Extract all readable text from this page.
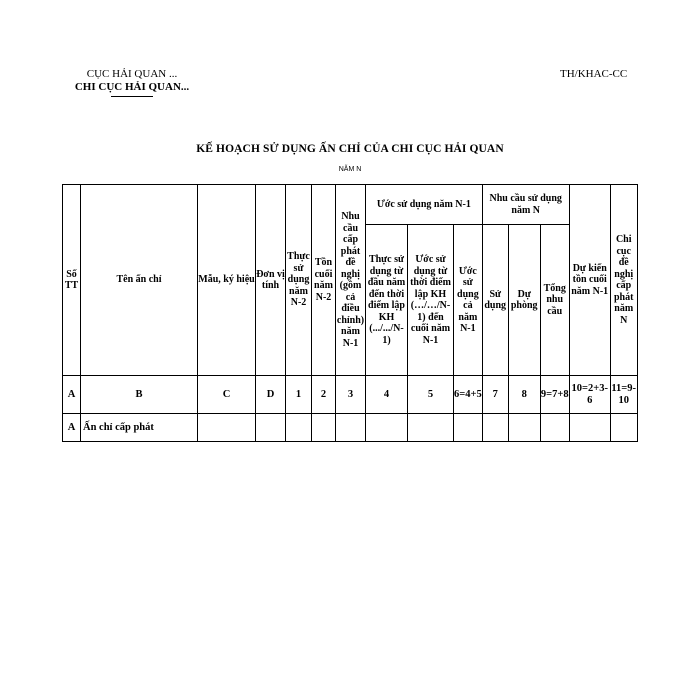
CỤC HẢI QUAN ...
CHI CỤC HẢI QUAN...
TH/KHAC-CC
KẾ HOẠCH SỬ DỤNG ẤN CHỈ CỦA CHI CỤC HẢI QUAN
NĂM N
Số TT	Tên ấn chỉ	Mẫu, ký hiệu	Đơn vị tính	Thực sử dụng năm N-2	Tồn cuối năm N-2	Nhu cầu cấp phát đề nghị (gồm cả điều chỉnh) năm N-1	Ước sử dụng năm N-1			Nhu cầu sử dụng năm N			Dự kiến tồn cuối năm N-1	Chi cục đề nghị cấp phát năm N
							Thực sử dụng từ đầu năm đến thời điểm lập KH (.../.../N-1)	Ước sử dụng từ thời điểm lập KH (…/…/N-1) đến cuối năm N-1	Ước sử dụng cả năm N-1	Sử dụng	Dự phòng	Tổng nhu cầu		

A	B	C	D	1	2	3	4	5	6=4+5	7	8	9=7+8	10=2+3-6	11=9-10
A	Ấn chỉ cấp phát													
